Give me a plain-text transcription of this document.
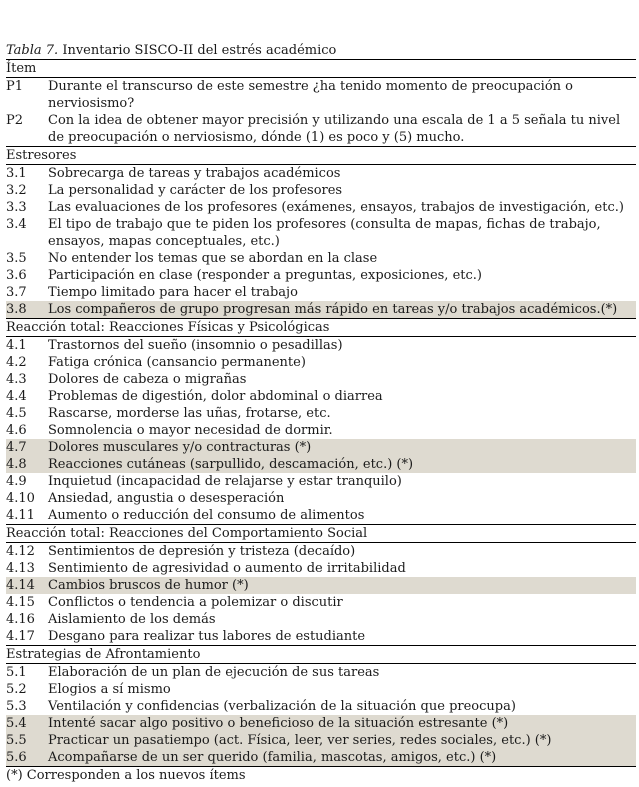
Tabla 7. Inventario SISCO-II del estrés académico
Ítem
P1	Durante el transcurso de este semestre ¿ha tenido momento de preocupación o nerviosismo?
P2	Con la idea de obtener mayor precisión y utilizando una escala de 1 a 5 señala tu nivel de preocupación o nerviosismo, dónde (1) es poco y (5) mucho.
Estresores
3.1	Sobrecarga de tareas y trabajos académicos
3.2	La personalidad y carácter de los profesores
3.3	Las evaluaciones de los profesores (exámenes, ensayos, trabajos de investigación, etc.)
3.4	El tipo de trabajo que te piden los profesores (consulta de mapas, fichas de trabajo, ensayos, mapas conceptuales, etc.)
3.5	No entender los temas que se abordan en la clase
3.6	Participación en clase (responder a preguntas, exposiciones, etc.)
3.7	Tiempo limitado para hacer el trabajo
3.8	Los compañeros de grupo progresan más rápido en tareas y/o trabajos académicos.(*)
Reacción total: Reacciones Físicas y Psicológicas
4.1	Trastornos del sueño (insomnio o pesadillas)
4.2	Fatiga crónica (cansancio permanente)
4.3	Dolores de cabeza o migrañas
4.4	Problemas de digestión, dolor abdominal o diarrea
4.5	Rascarse, morderse las uñas, frotarse, etc.
4.6	Somnolencia o mayor necesidad de dormir.
4.7	Dolores musculares y/o contracturas (*)
4.8	Reacciones cutáneas (sarpullido, descamación, etc.) (*)
4.9	Inquietud (incapacidad de relajarse y estar tranquilo)
4.10	Ansiedad, angustia o desesperación
4.11	Aumento o reducción del consumo de alimentos
Reacción total: Reacciones del Comportamiento Social
4.12	Sentimientos de depresión y tristeza (decaído)
4.13	Sentimiento de agresividad o aumento de irritabilidad
4.14	Cambios bruscos de humor (*)
4.15	Conflictos o tendencia a polemizar o discutir
4.16	Aislamiento de los demás
4.17	Desgano para realizar tus labores de estudiante
Estrategias de Afrontamiento
5.1	Elaboración de un plan de ejecución de sus tareas
5.2	Elogios a sí mismo
5.3	Ventilación y confidencias (verbalización de la situación que preocupa)
5.4	Intenté sacar algo positivo o beneficioso de la situación estresante (*)
5.5	Practicar un pasatiempo (act. Física, leer, ver series, redes sociales, etc.) (*)
5.6	Acompañarse de un ser querido (familia, mascotas, amigos, etc.) (*)
(*) Corresponden a los nuevos ítems
